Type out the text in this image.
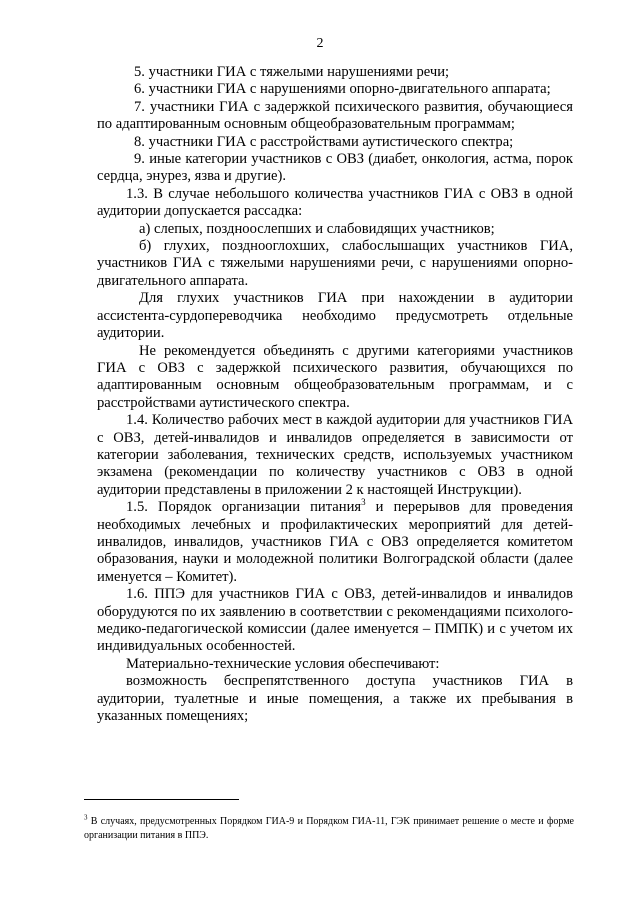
2

5. участники ГИА с тяжелыми нарушениями речи;

6. участники ГИА с нарушениями опорно-двигательного аппарата;

7. участники ГИА с задержкой психического развития, обучающиеся по адаптированным основным общеобразовательным программам;

8. участники ГИА с расстройствами аутистического спектра;

9. иные категории участников с ОВЗ (диабет, онкология, астма, порок сердца, энурез, язва и другие).

1.3. В случае небольшого количества участников ГИА с ОВЗ в одной аудитории допускается рассадка:

а) слепых, поздноослепших и слабовидящих участников;

б) глухих, позднооглохших, слабослышащих участников ГИА, участников ГИА с тяжелыми нарушениями речи, с нарушениями опорно-двигательного аппарата.

Для глухих участников ГИА при нахождении в аудитории ассистента-сурдопереводчика необходимо предусмотреть отдельные аудитории.

Не рекомендуется объединять с другими категориями участников ГИА с ОВЗ с задержкой психического развития, обучающихся по адаптированным основным общеобразовательным программам, и с расстройствами аутистического спектра.

1.4. Количество рабочих мест в каждой аудитории для участников ГИА с ОВЗ, детей-инвалидов и инвалидов определяется в зависимости от категории заболевания, технических средств, используемых участником экзамена (рекомендации по количеству участников с ОВЗ в одной аудитории представлены в приложении 2 к настоящей Инструкции).

1.5. Порядок организации питания$^3$ и перерывов для проведения необходимых лечебных и профилактических мероприятий для детей-инвалидов, инвалидов, участников ГИА с ОВЗ определяется комитетом образования, науки и молодежной политики Волгоградской области (далее именуется – Комитет).

1.6. ППЭ для участников ГИА с ОВЗ, детей-инвалидов и инвалидов оборудуются по их заявлению в соответствии с рекомендациями психолого-медико-педагогической комиссии (далее именуется – ПМПК) и с учетом их индивидуальных особенностей.

Материально-технические условия обеспечивают:

возможность беспрепятственного доступа участников ГИА в аудитории, туалетные и иные помещения, а также их пребывания в указанных помещениях;

$^3$ В случаях, предусмотренных Порядком ГИА-9 и Порядком ГИА-11, ГЭК принимает решение о месте и форме организации питания в ППЭ.
